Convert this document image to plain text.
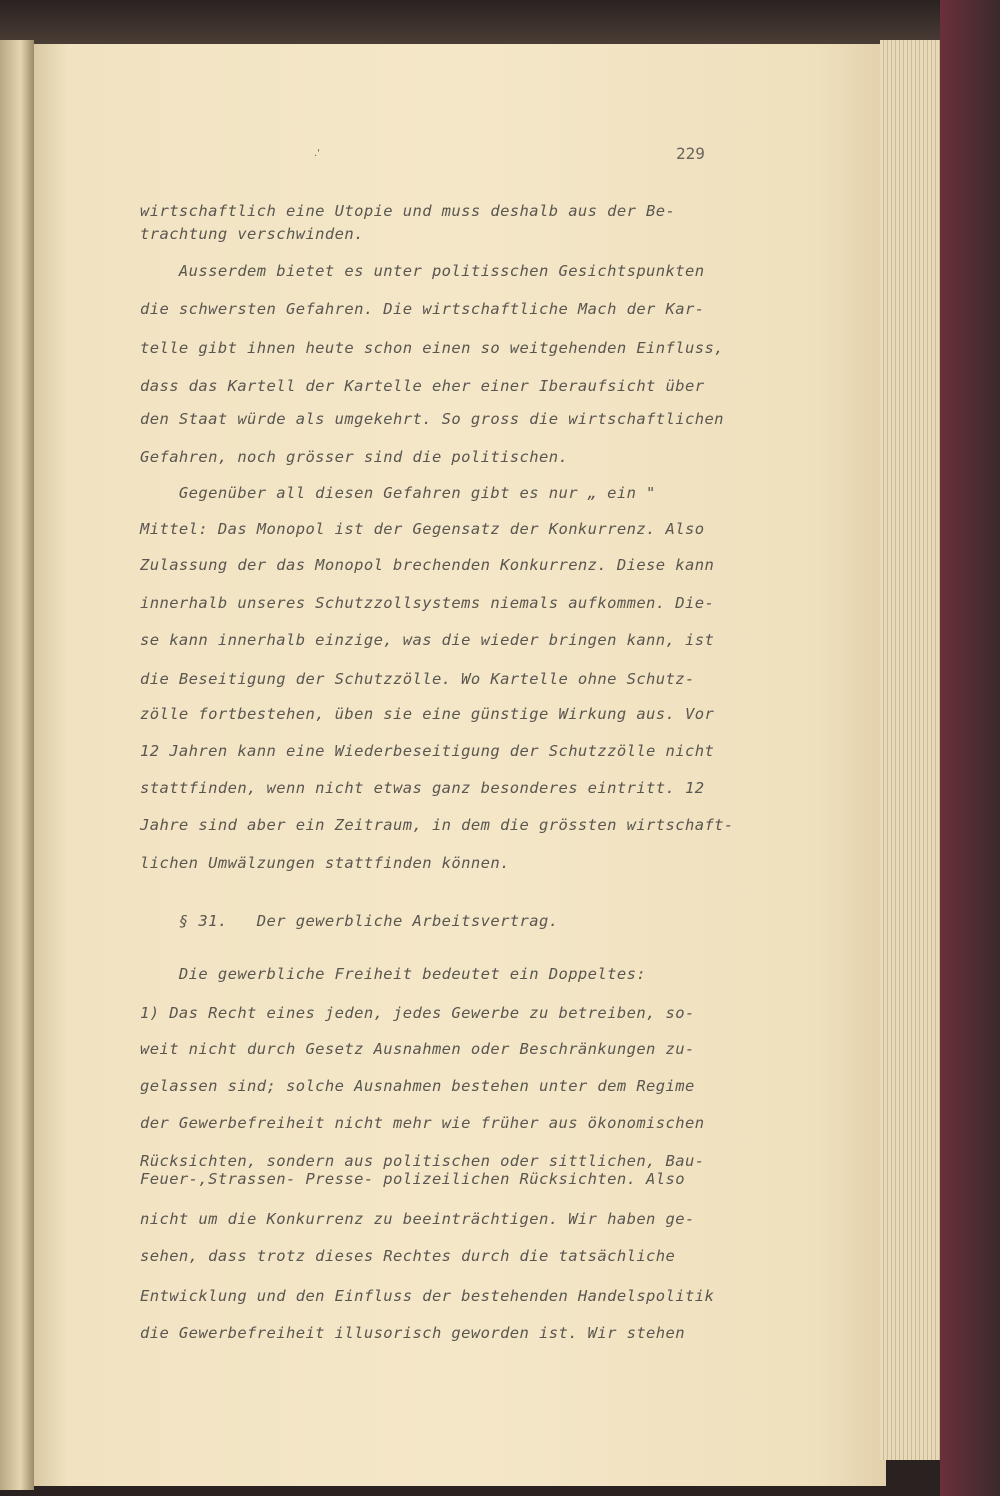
.'	229
wirtschaftlich eine Utopie und muss deshalb aus der Be-
trachtung verschwinden.
Ausserdem bietet es unter politisschen Gesichtspunkten
die schwersten Gefahren. Die wirtschaftliche Mach der Kar-
telle gibt ihnen heute schon einen so weitgehenden Einfluss,
dass das Kartell der Kartelle eher einer Iberaufsicht über
den Staat würde als umgekehrt. So gross die wirtschaftlichen
Gefahren, noch grösser sind die politischen.
Gegenüber all diesen Gefahren gibt es nur „ ein "
Mittel: Das Monopol ist der Gegensatz der Konkurrenz. Also
Zulassung der das Monopol brechenden Konkurrenz. Diese kann
innerhalb unseres Schutzzollsystems niemals aufkommen. Die-
se kann innerhalb einzige, was die wieder bringen kann, ist
die Beseitigung der Schutzzölle. Wo Kartelle ohne Schutz-
zölle fortbestehen, üben sie eine günstige Wirkung aus. Vor
12 Jahren kann eine Wiederbeseitigung der Schutzzölle nicht
stattfinden, wenn nicht etwas ganz besonderes eintritt. 12
Jahre sind aber ein Zeitraum, in dem die grössten wirtschaft-
lichen Umwälzungen stattfinden können.
§ 31.   Der gewerbliche Arbeitsvertrag.
Die gewerbliche Freiheit bedeutet ein Doppeltes:
1) Das Recht eines jeden, jedes Gewerbe zu betreiben, so-
weit nicht durch Gesetz Ausnahmen oder Beschränkungen zu-
gelassen sind; solche Ausnahmen bestehen unter dem Regime
der Gewerbefreiheit nicht mehr wie früher aus ökonomischen
Rücksichten, sondern aus politischen oder sittlichen, Bau-
Feuer-,Strassen- Presse- polizeilichen Rücksichten. Also
nicht um die Konkurrenz zu beeinträchtigen. Wir haben ge-
sehen, dass trotz dieses Rechtes durch die tatsächliche
Entwicklung und den Einfluss der bestehenden Handelspolitik
die Gewerbefreiheit illusorisch geworden ist. Wir stehen
